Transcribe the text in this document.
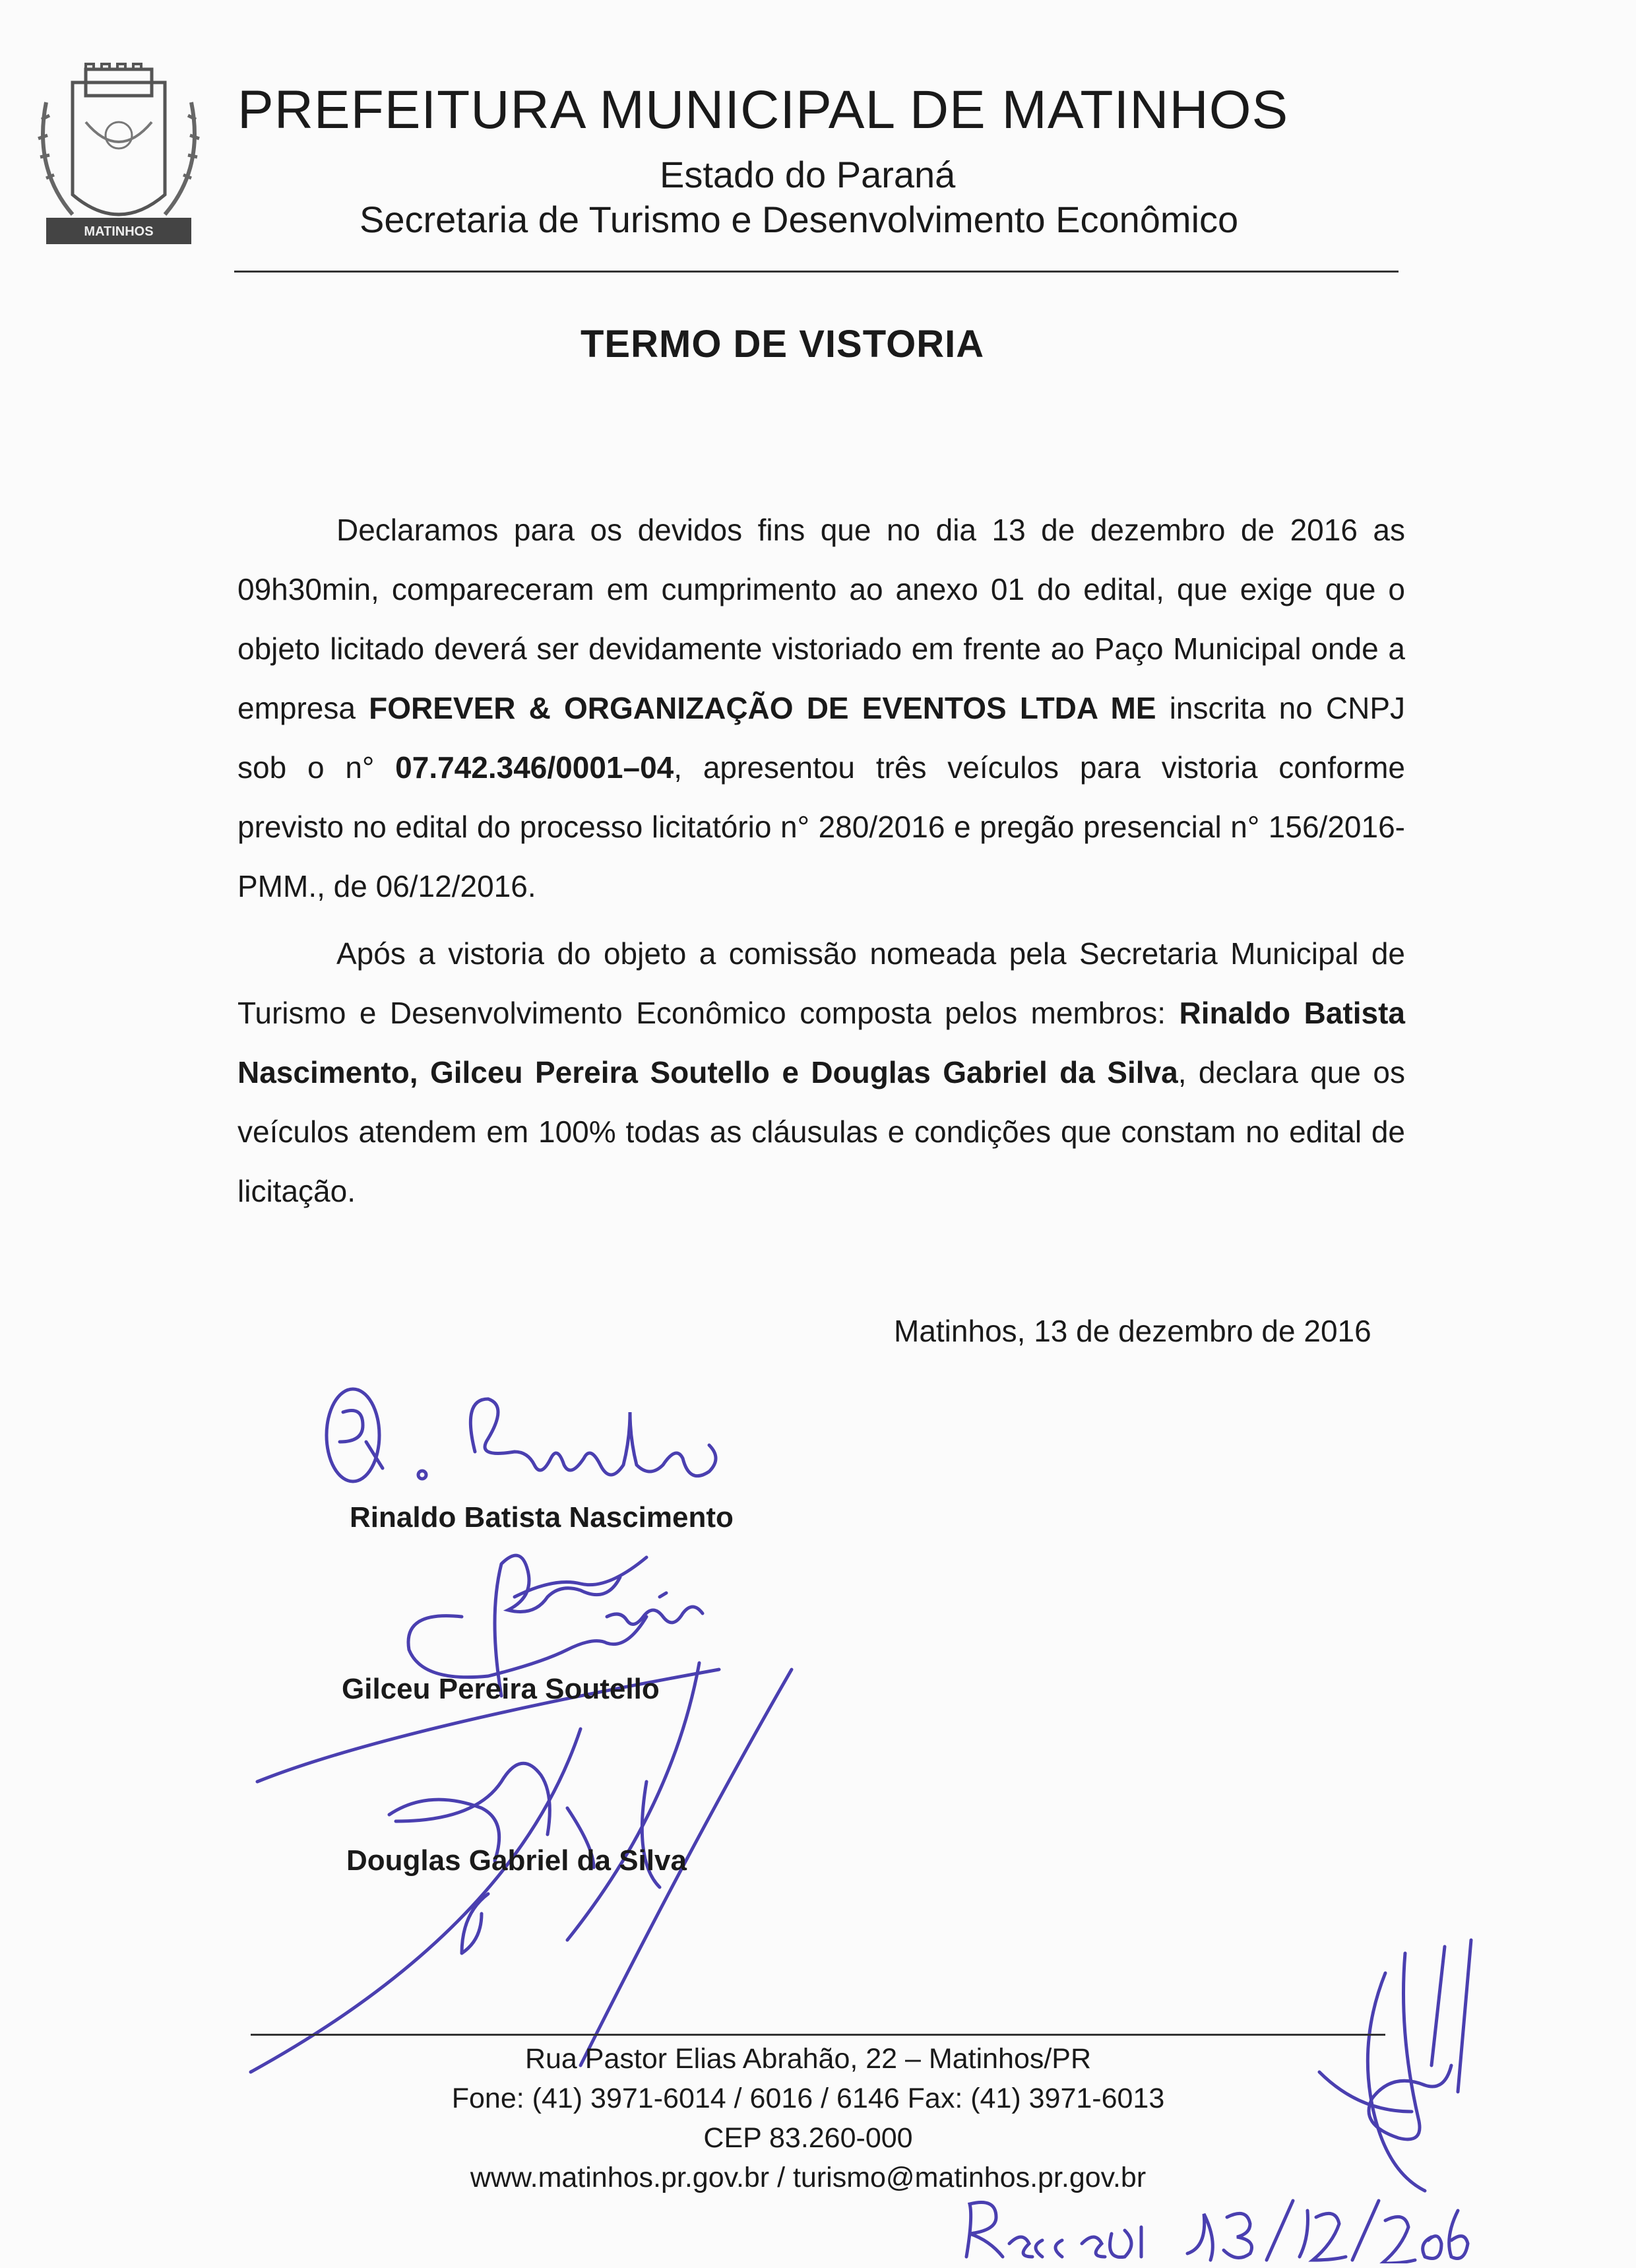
MATINHOS
PREFEITURA MUNICIPAL DE MATINHOS
Estado do Paraná
Secretaria de Turismo e Desenvolvimento Econômico
TERMO DE VISTORIA

Declaramos para os devidos fins que no dia 13 de dezembro de 2016 as 09h30min, compareceram em cumprimento ao anexo 01 do edital, que exige que o objeto licitado deverá ser devidamente vistoriado em frente ao Paço Municipal onde a empresa FOREVER & ORGANIZAÇÃO DE EVENTOS LTDA ME inscrita no CNPJ sob o n° 07.742.346/0001–04, apresentou três veículos para vistoria conforme previsto no edital do processo licitatório n° 280/2016 e pregão presencial n° 156/2016-PMM., de 06/12/2016.

Após a vistoria do objeto a comissão nomeada pela Secretaria Municipal de Turismo e Desenvolvimento Econômico composta pelos membros: Rinaldo Batista Nascimento, Gilceu Pereira Soutello e Douglas Gabriel da Silva, declara que os veículos atendem em 100% todas as cláusulas e condições que constam no edital de licitação.

Matinhos, 13 de dezembro de 2016
Rinaldo Batista Nascimento
Gilceu Pereira Soutello
Douglas Gabriel da Silva
Rua Pastor Elias Abrahão, 22 – Matinhos/PR
Fone: (41) 3971-6014 / 6016 / 6146 Fax: (41) 3971-6013
CEP 83.260-000
www.matinhos.pr.gov.br / turismo@matinhos.pr.gov.br
